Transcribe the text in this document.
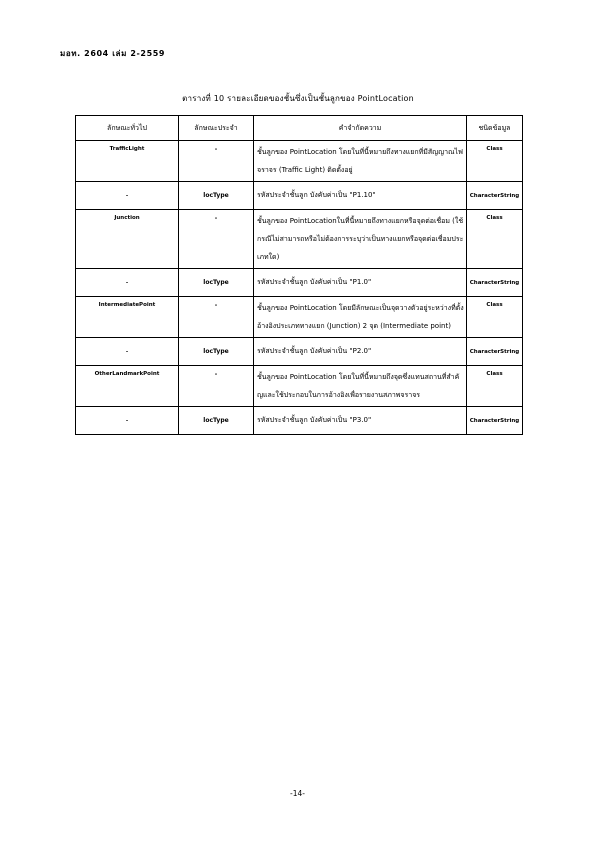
มอท. 2604 เล่ม 2-2559
ตารางที่ 10 รายละเอียดของชั้นซึ่งเป็นชั้นลูกของ PointLocation
ลักษณะทั่วไป	ลักษณะประจำ	คำจำกัดความ	ชนิดข้อมูล
TrafficLight	-	ชั้นลูกของ PointLocation โดยในที่นี้หมายถึงทางแยกที่มีสัญญาณไฟจราจร (Traffic Light) ติดตั้งอยู่	Class
-	locType	รหัสประจำชั้นลูก บังคับค่าเป็น "P1.10"	CharacterString
Junction	-	ชั้นลูกของ PointLocationในที่นี้หมายถึงทางแยกหรือจุดต่อเชื่อม (ใช้กรณีไม่สามารถหรือไม่ต้องการระบุว่าเป็นทางแยกหรือจุดต่อเชื่อมประเภทใด)	Class
-	locType	รหัสประจำชั้นลูก บังคับค่าเป็น "P1.0"	CharacterString
IntermediatePoint	-	ชั้นลูกของ PointLocation โดยมีลักษณะเป็นจุดวางตัวอยู่ระหว่างที่ตั้งอ้างอิงประเภททางแยก (Junction) 2 จุด (Intermediate point)	Class
-	locType	รหัสประจำชั้นลูก บังคับค่าเป็น "P2.0"	CharacterString
OtherLandmarkPoint	-	ชั้นลูกของ PointLocation โดยในที่นี้หมายถึงจุดซึ่งแทนสถานที่สำคัญและใช้ประกอบในการอ้างอิงเพื่อรายงานสภาพจราจร	Class
-	locType	รหัสประจำชั้นลูก บังคับค่าเป็น "P3.0"	CharacterString
-14-
